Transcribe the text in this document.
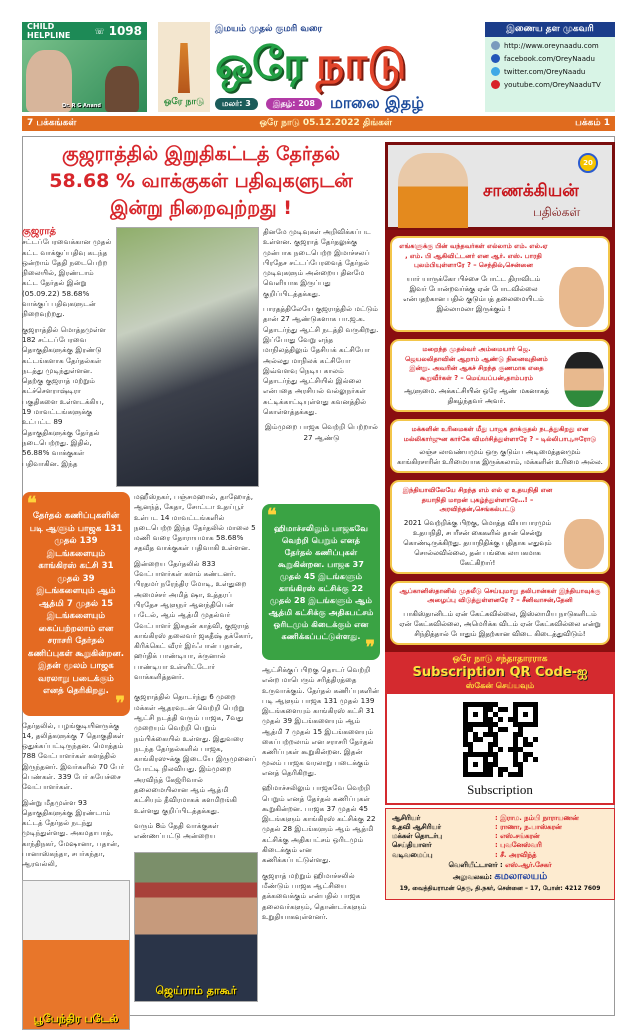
CHILD HELPLINE	☏ 1098
Dr. R G Anand	ஒரே நாடு
இமயம் முதல் குமரி வரை
ஒரே நாடு
மலர்: 3	இதழ்: 208 மாலை இதழ்
இணைய தள முகவரி
http://www.oreynaadu.com
facebook.com/OreyNaadu
twitter.com/OreyNaadu
youtube.com/OreyNaaduTV
7 பக்கங்கள்	ஒரே நாடு 05.12.2022 திங்கள்	பக்கம் 1
குஜராத்தில் இறுதிகட்டத் தேர்தல்
58.68 % வாக்குகள் பதிவுகளுடன்
இன்று நிறைவுற்றது !

குஜராத்
சட்டப்பேரவைக்கான முதல் கட்ட வாக்குப்பதிவு கடந்த ஒன்றாம் தேதி நடைபெற்ற நிலையில், இரண்டாம் கட்ட தேர்தல் இன்று (05.09.22) 58.68% வாக்குப் பதிவுகளுடன் நிறைவுற்றது.

குஜராத்தில் மொத்தமுள்ள 182 சட்டப்பேரவை தொகுதிகளுக்கு இரண்டு கட்டங்களாக தேர்தல்கள் நடத்து முடிந்துள்ளன. தெற்கு குஜராத் மற்றும் கட்ச்சௌராஷ்டிரா பகுதிகளை உள்ளடக்கிய, 19 மாவட்டங்களுக்கு உட்பட்ட 89 தொகுதிகளுக்கு தேர்தல் நடைபெற்றது. இதில், 56.88% வாக்குகள் பதிவாகின. இந்த

தினமே முடிவுகள் அறிவிக்கப்பட உள்ளன. குஜராத் தேர்தலுக்கு முன்பாக நடைபெற்ற இமாச்சலப் பிரதேச சட்டப்பேரவைத் தேர்தல் முடிவுகளும் அன்றைய தினமே வெளியாக இருப்பது குறிப்பிடத்தக்கது.

பாரதத்திலேயே குஜராத்தில் மட்டும் தான் 27 ஆண்டுகளாக பா.ஜ.க. தொடர்ந்து ஆட்சி நடத்தி வருகிறது. இப்போது வேறு எந்த மாநிலத்திலும் தேசியக் கட்சியோ அல்லது மாநிலக் கட்சியோ இவ்வளவு நெடிய காலம் தொடர்ந்து ஆட்சியில் இல்லை என்பதை அரசியல் வல்லுநர்கள் சுட்டிக்காட்டியுள்ளது கவனத்தில் கொள்ளத்தக்கது.

இம்முறை பாஜக வெற்றி பெற்றால் 27 ஆண்டு

❝
தேர்தல் கணிப்புகளின் படி ஆளும் பாஜக 131 முதல் 139 இடங்களையும் காங்கிரஸ் கட்சி 31 முதல் 39 இடங்களையும் ஆம் ஆத்மி 7 முதல் 15 இடங்களையும் கைப்பற்றலாம் என சராசரி தேர்தல் கணிப்புகள் கூறுகின்றன. இதன் மூலம் பாஜக வரலாறு படைக்கும் எனத் தெரிகிறது.
❞

தேர்தலில், பழங்குடியினருக்கு 14, தலித்களுக்கு 7 தொகுதிகள் ஒதுக்கப்பட்டிருந்தன. மொத்தம் 788 வேட்பாளர்கள் களத்தில் இருந்தனர். இவர்களில் 70 பேர் பெண்கள். 339 பேர் சுயேச்சை வேட்பாளர்கள்.

இன்று மீதமுள்ள 93 தொகுதிகளுக்கு இரண்டாம் கட்டத் தேர்தல் நடந்து முடிந்துள்ளது. அகமதாபாத், காந்திநகர், மேஷானா, பதான், பானாஸ்கந்தா, சபர்கந்தா, ஆரவல்லி,

பூபேந்திர படேல்

மஹீஸ்நகர், பஞ்சமஹால், தாஹோத், ஆனந்த், கேதா, சோட்டா உதய்பூர் உள்பட 14 மாவட்டங்களில் நடைபெற்ற இந்த தேர்தலில் மாலை 5 மணி வரை தோராயமாக 58.68% சதவீத வாக்குகள் பதிவாகி உள்ளன.

இன்றைய தேர்தலில் 833 வேட்பாளர்கள் களம் கண்டனர். பிரதமர் நரேந்திர மோடி, உள்துறை அமைச்சர் அமித் ஷா, உத்தரப் பிரதேச ஆளுநர் ஆனந்திபென் படேல், ஆம் ஆத்மி முதல்வர் வேட்பாளர் இசுதன் காத்வி, குஜராத் காங்கிரஸ் தலைவர் ஜகதீஷ் தக்கோர், கிரிக்கெட் வீரர் இர்ஃபான் பதான், ஹர்திக் பாண்டியா, க்ருனால் பாண்டியா உள்ளிட்டோர் வாக்களித்தனர்.

குஜராத்தில் தொடர்ந்து 6 முறை மக்கள் ஆதரவுடன் வெற்றி பெற்று ஆட்சி நடத்தி வரும் பாஜக, 7வது முறையும் வெற்றி பெறும் நம்பிக்கையில் உள்ளது. இதுவரை நடந்த தேர்தல்களில் பாஜக, காங்கிரஸுக்கு இடையே இருமுனைப் போட்டி நிலவியது. இம்முறை அரவிந்த் கேஜ்ரிவால் தலைமையிலான ஆம் ஆத்மி கட்சியும் தீவிரமாகக் களமிறங்கி உள்ளது குறிப்பிடத்தக்கது.

வரும் 8ம் தேதி வாக்குகள் எண்ணப்பட்டு அன்றைய

ஜெய்ராம் தாகூர்
❝
ஹிமாச்சலிலும் பாஜகவே வெற்றி பெறும் எனத் தேர்தல் கணிப்புகள் கூறுகின்றன. பாஜக 37 முதல் 45 இடங்களும் காங்கிரஸ் கட்சிக்கு 22 முதல் 28 இடங்களும் ஆம் ஆத்மி கட்சிக்கு அதிகபட்சம் ஒரிடமும் கிடைக்கும் என கணிக்கப்பட்டுள்ளது.
❞

ஆட்சிக்குப் பிறகு தொடர் வெற்றி என்ற மாபெரும் சரித்திரத்தை உருவாக்கும். தேர்தல் கணிப்புகளின் படி ஆளும் பாஜக 131 முதல் 139 இடங்களையும் காங்கிரஸ் கட்சி 31 முதல் 39 இடங்களையும் ஆம் ஆத்மி 7 முதல் 15 இடங்களையும் கைப்பற்றலாம் என சராசரி தேர்தல் கணிப்புகள் கூறுகின்றன. இதன் மூலம் பாஜக வரலாறு படைக்கும் எனத் தெரிகிறது.

ஹிமாச்சலிலும் பாஜகவே வெற்றி பெறும் எனத் தேர்தல் கணிப்புகள் கூறுகின்றன. பாஜக 37 முதல் 45 இடங்களும் காங்கிரஸ் கட்சிக்கு 22 முதல் 28 இடங்களும் ஆம் ஆத்மி கட்சிக்கு அதிகபட்சம் ஒரிடமும் கிடைக்கும் என கணிக்கப்பட்டுள்ளது.

குஜராத் மற்றும் ஹிமாச்சலில் மீண்டும் பாஜக ஆட்சியை தக்கவைக்கும் என்பதில் பாஜக தலைவர்களும், தொண்டர்களும் உறுதியாகவுள்ளனர்.

20
சாணக்கியன்
பதில்கள்
எங்களுக்கு பின் வந்தவர்கள் எல்லாம் எம். எல்.ஏ , எம். பி ஆகிவிட்டனர் என ஆர். எஸ். பாரதி புலம்பியுள்ளாரே ? – செந்தில்,சென்னை
யார் யாருக்கோ பிச்சை போட்ட திராவிடம் இவர் போன்றவர்க்கு ஏன் போடவில்லை என்பதற்கான பதில் குடும்பத் தலைமையிடம் இல்லாமலா இருக்கும் !
மறைந்த முதல்வர் அம்மையார் ஜெ. ஜெயலலிதாவின் ஆறாம் ஆண்டு நினைவுதினம் இன்று. அவரின் ஆகச் சிறந்த குணமாக எதை கூறுவீர்கள் ? – மெய்யப்பன்,தாம்பரம்
ஆளுமை. அக்கட்சியின் ஒரே ஆண் மகனாகத் திகழ்ந்தவர் அவர்.
மக்களின் உரிமைகள் மீது பாஜக தாக்குதல் நடத்துகிறது என மல்லிகார்ஜுன கார்கே விமர்சித்துள்ளாரே ? – டில்லிபாபு,ஈரோடு
லஞ்ச லாவண்யமும் ஒரு குடும்ப அடிமைத்தனமும் காங்கிரசாரின் உரிமையாக இருக்கலாம், மக்களின் உரிமை அல்ல.
இந்தியாவிலேயே சிறந்த எம் எல் ஏ உதயநிதி என தயாநிதி மாறன் புகழ்ந்துள்ளாரே…! – அரவிந்தன்,செங்கல்பட்டு
2021 வெற்றிக்கு பிறகு, மொத்த வியாபாரமும் உதயநிதி, சபரீசன் கைகளில் தான் சென்று கொண்டிருக்கிறது. தயாநிதிக்கு புதிதாக எதுவும் சொல்லவில்லை, தன் பங்கை லாபகமாக கேட்கிறார்!
ஆப்கானிஸ்தானில் முதலீடு செய்யுமாறு தலிபான்கள் இந்தியாவுக்கு அழைப்பு விடுத்துள்ளனரே ? – சீனிவாசன்,தேனி
பாகிஸ்தானிடம் ஏன் கேட்கவில்லை, இஸ்லாமிய நாடுகளிடம் ஏன் கேட்கவில்லை, அமெரிக்க விடம் ஏன் கேட்கவில்லை என்று சிந்தித்தால் போதும் இதற்கான விடை கிடைத்துவிடும்!
ஒரே நாடு சந்தாதாரராக
Subscription QR Code-ஐ
ஸ்கேன் செய்யவும்
Subscription
ஆசிரியர்	: இராம. நம்பி நாராயணன்
உதவி ஆசிரியர்	: ராணா, ந.பாஸ்கரன்
மக்கள் தொடர்பு	: எஸ்.சங்கரன்
செய்தியாளர்	: புவனேஸ்வரி
வடிவமைப்பு	: சீ. அரவிந்த்
வெளியீட்டாளர் : எஸ்.ஆர்.சேகர்
அலுவலகம்: கமலாலயம்
19, வைத்தியராமன் தெரு, தி.நகர், சென்னை – 17, போன்: 4212 7609
